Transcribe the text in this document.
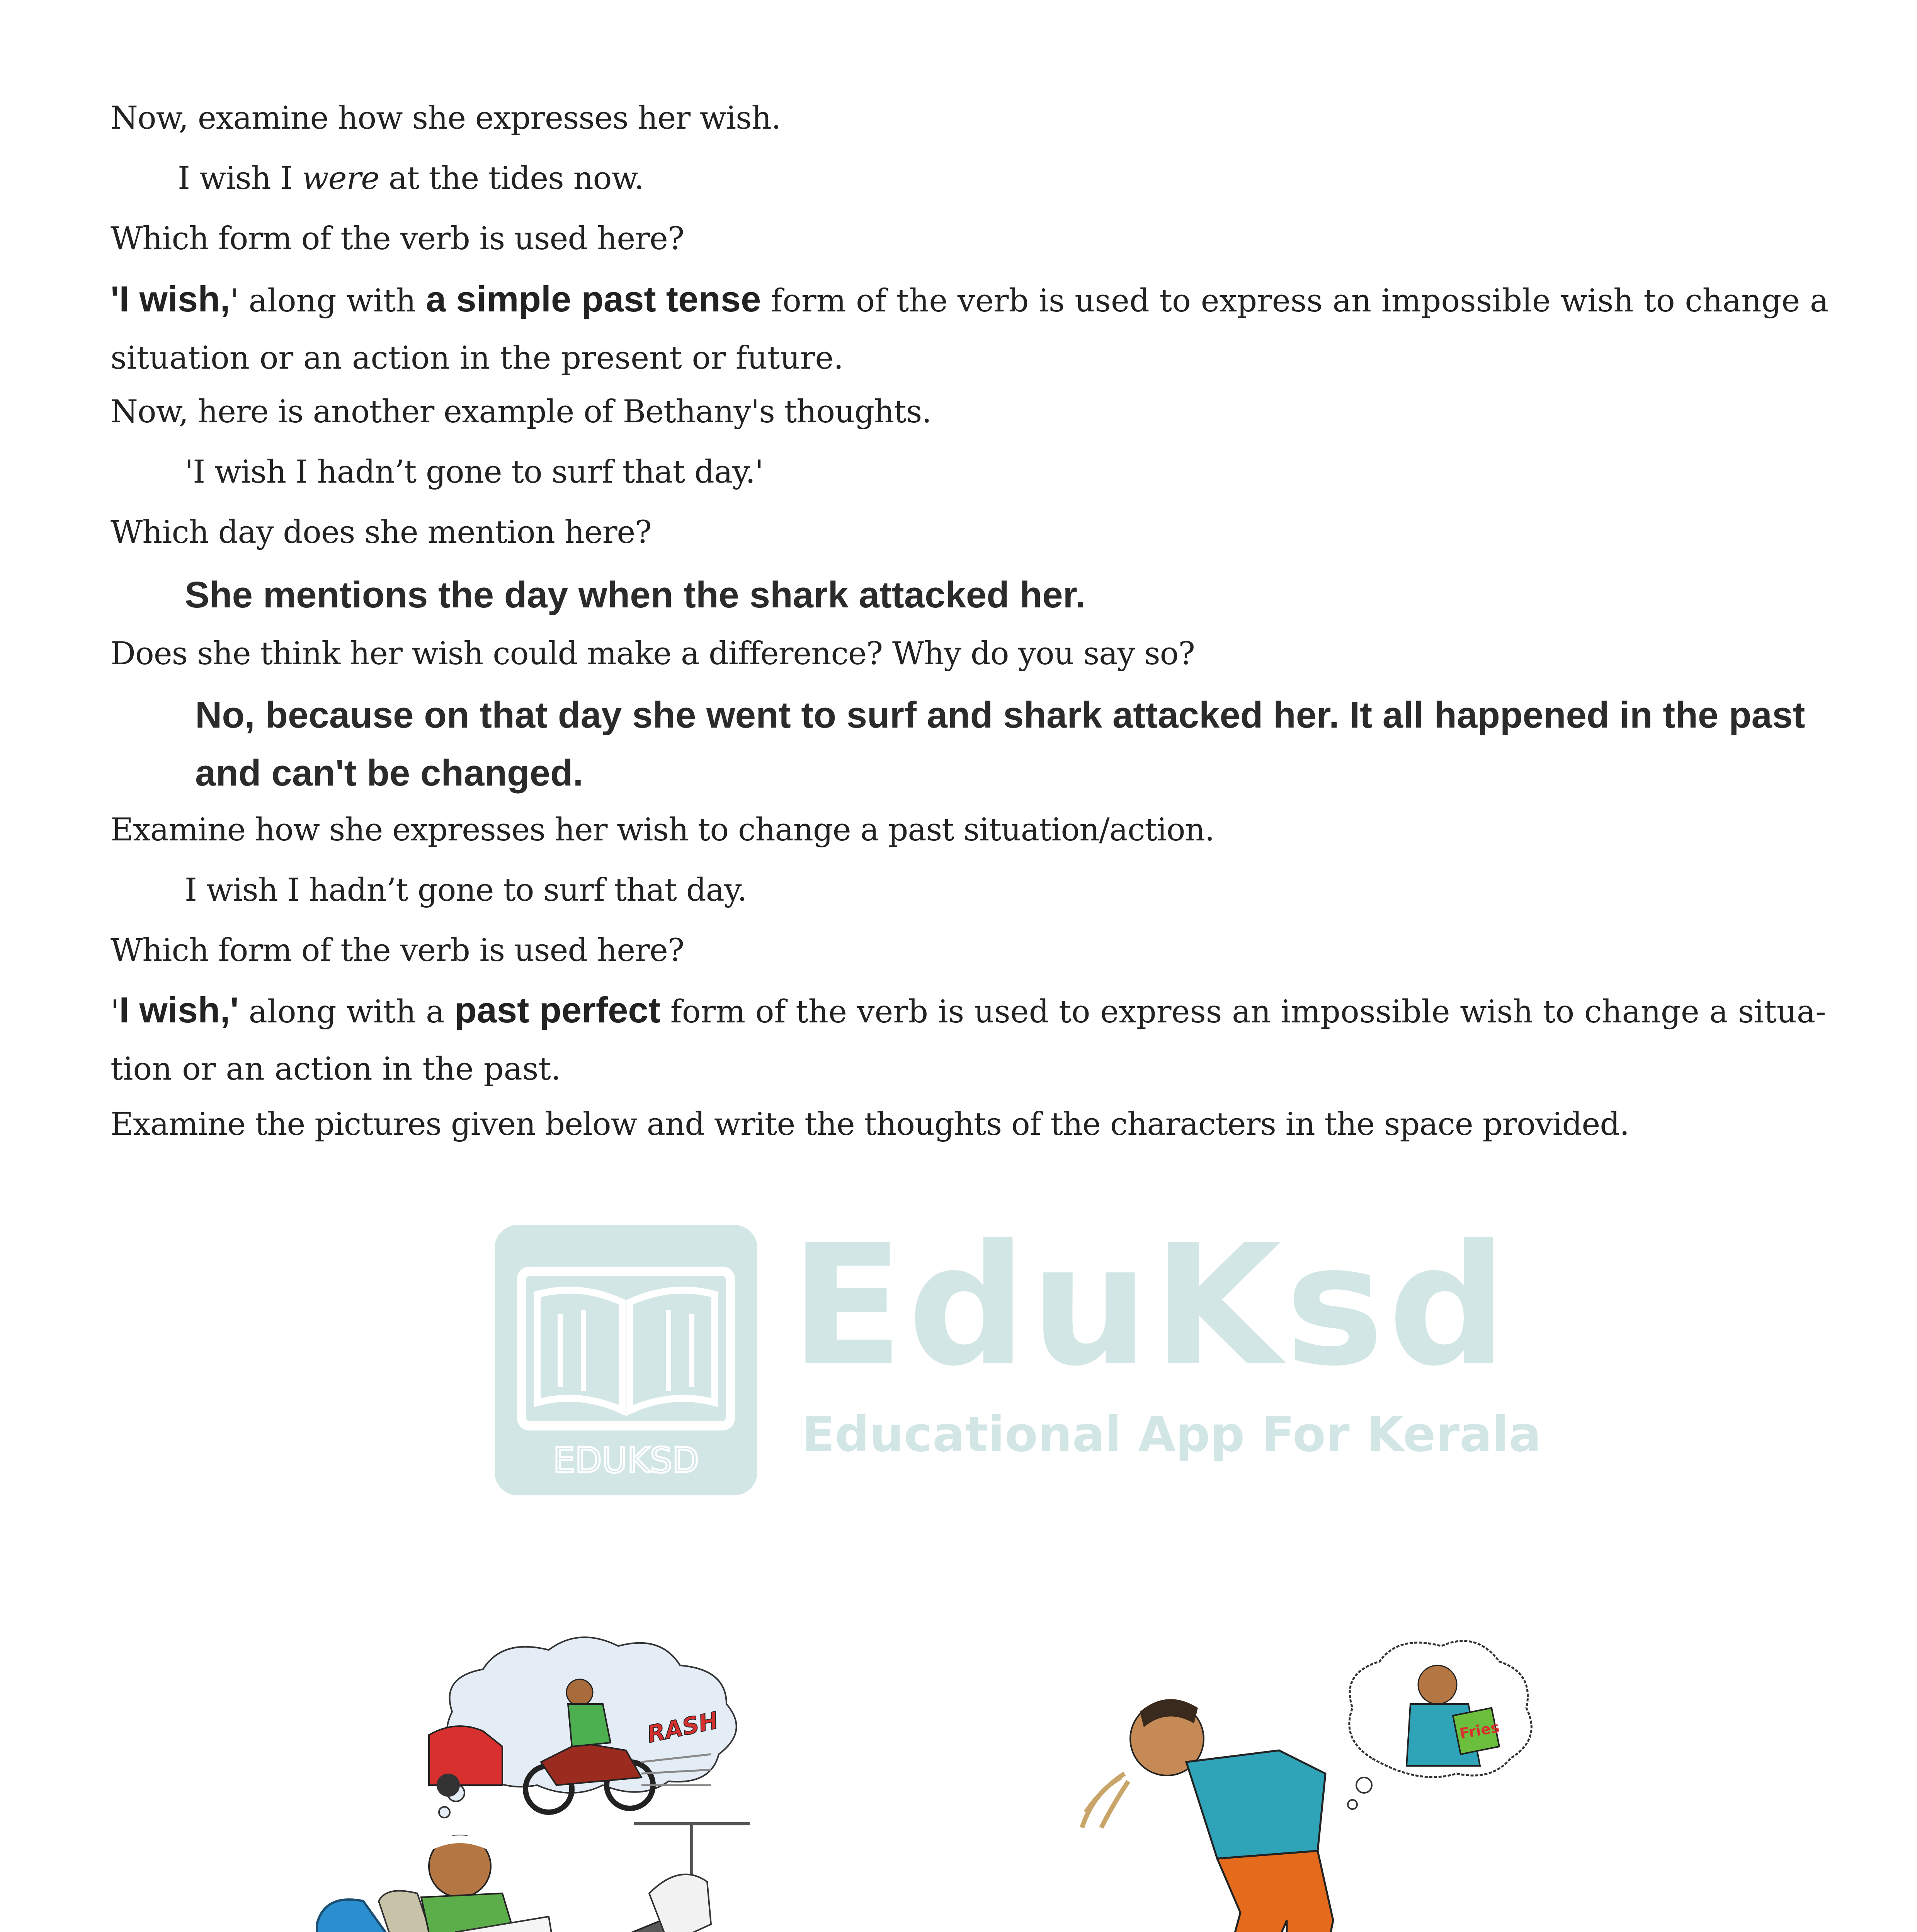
Now, examine how she expresses her wish.
I wish I were at the tides now.
Which form of the verb is used here?
'I wish,' along with a simple past tense form of the verb is used to express an impossible wish to change a situation or an action in the present or future.
Now, here is another example of Bethany's thoughts.
'I wish I hadn’t gone to surf that day.'
Which day does she mention here?
She mentions the day when the shark attacked her.
Does she think her wish could make a difference? Why do you say so?
No, because on that day she went to surf and shark attacked her. It all happened in the past and can't be changed.
Examine how she expresses her wish to change a past situation/action.
I wish I hadn’t gone to surf that day.
Which form of the verb is used here?
'I wish,' along with a past perfect form of the verb is used to express an impossible wish to change a situa-tion or an action in the past.
Examine the pictures given below and write the thoughts of the characters in the space provided.
EDUKSD
EduKsd
Educational App For Kerala
RASH	Fries
